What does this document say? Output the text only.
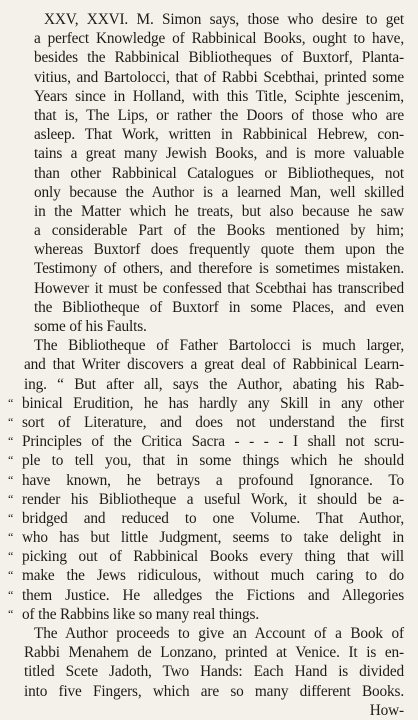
XXV, XXVI. M. Simon says, those who desire to get
a perfect Knowledge of Rabbinical Books, ought to have,
besides the Rabbinical Bibliotheques of Buxtorf, Planta-
vitius, and Bartolocci, that of Rabbi Scebthai, printed some
Years since in Holland, with this Title, Sciphte jescenim,
that is, The Lips, or rather the Doors of those who are
asleep. That Work, written in Rabbinical Hebrew, con-
tains a great many Jewish Books, and is more valuable
than other Rabbinical Catalogues or Bibliotheques, not
only because the Author is a learned Man, well skilled
in the Matter which he treats, but also because he saw
a considerable Part of the Books mentioned by him;
whereas Buxtorf does frequently quote them upon the
Testimony of others, and therefore is sometimes mistaken.
However it must be confessed that Scebthai has transcribed
the Bibliotheque of Buxtorf in some Places, and even
some of his Faults.
The Bibliotheque of Father Bartolocci is much larger,
and that Writer discovers a great deal of Rabbinical Learn-
ing. “ But after all, says the Author, abating his Rab-
“ binical Erudition, he has hardly any Skill in any other
“ sort of Literature, and does not understand the first
“ Principles of the Critica Sacra - - - - I shall not scru-
“ ple to tell you, that in some things which he should
“ have known, he betrays a profound Ignorance. To
“ render his Bibliotheque a useful Work, it should be a-
“ bridged and reduced to one Volume. That Author,
“ who has but little Judgment, seems to take delight in
“ picking out of Rabbinical Books every thing that will
“ make the Jews ridiculous, without much caring to do
“ them Justice. He alledges the Fictions and Allegories
“ of the Rabbins like so many real things.
The Author proceeds to give an Account of a Book of
Rabbi Menahem de Lonzano, printed at Venice. It is en-
titled Scete Jadoth, Two Hands: Each Hand is divided
into five Fingers, which are so many different Books.
How-
